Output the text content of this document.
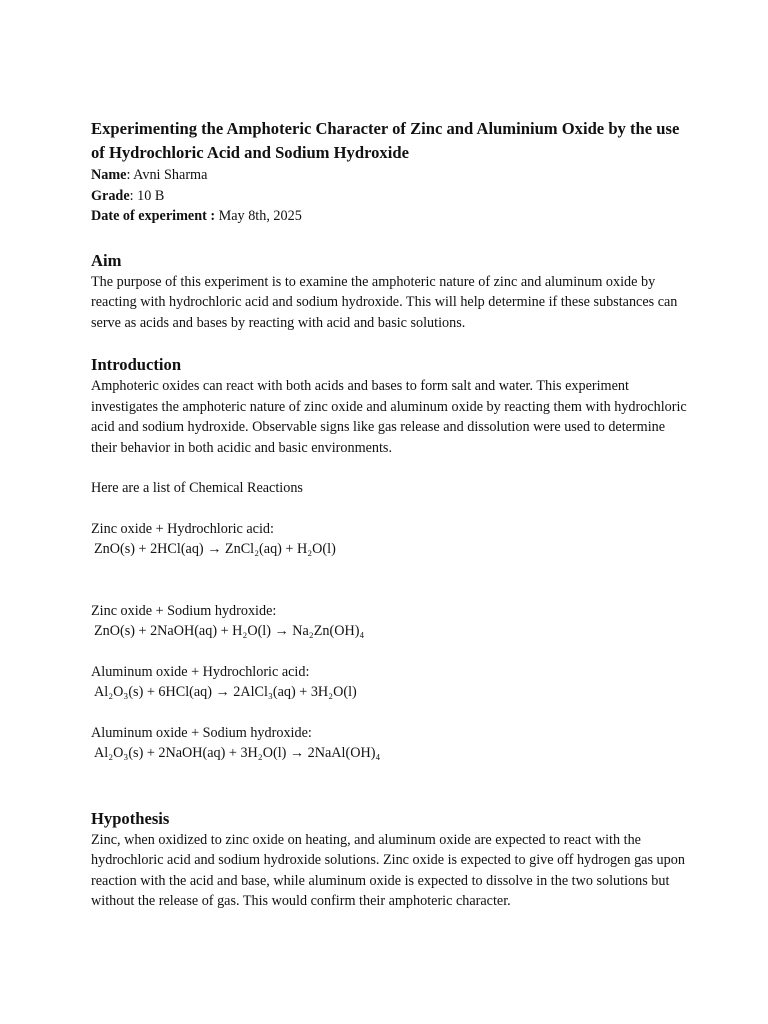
Experimenting the Amphoteric Character of Zinc and Aluminium Oxide by the use of Hydrochloric Acid and Sodium Hydroxide

Name: Avni Sharma

Grade: 10 B

Date of experiment : May 8th, 2025

Aim

The purpose of this experiment is to examine the amphoteric nature of zinc and aluminum oxide by reacting with hydrochloric acid and sodium hydroxide. This will help determine if these substances can serve as acids and bases by reacting with acid and basic solutions.

Introduction

Amphoteric oxides can react with both acids and bases to form salt and water. This experiment investigates the amphoteric nature of zinc oxide and aluminum oxide by reacting them with hydrochloric acid and sodium hydroxide. Observable signs like gas release and dissolution were used to determine their behavior in both acidic and basic environments.

Here are a list of Chemical Reactions

Zinc oxide + Hydrochloric acid:

ZnO(s) + 2HCl(aq) → ZnCl₂(aq) + H₂O(l)

Zinc oxide + Sodium hydroxide:

ZnO(s) + 2NaOH(aq) + H₂O(l) → Na₂Zn(OH)₄

Aluminum oxide + Hydrochloric acid:

Al₂O₃(s) + 6HCl(aq) → 2AlCl₃(aq) + 3H₂O(l)

Aluminum oxide + Sodium hydroxide:

Al₂O₃(s) + 2NaOH(aq) + 3H₂O(l) → 2NaAl(OH)₄

Hypothesis

Zinc, when oxidized to zinc oxide on heating, and aluminum oxide are expected to react with the hydrochloric acid and sodium hydroxide solutions. Zinc oxide is expected to give off hydrogen gas upon reaction with the acid and base, while aluminum oxide is expected to dissolve in the two solutions but without the release of gas. This would confirm their amphoteric character.
